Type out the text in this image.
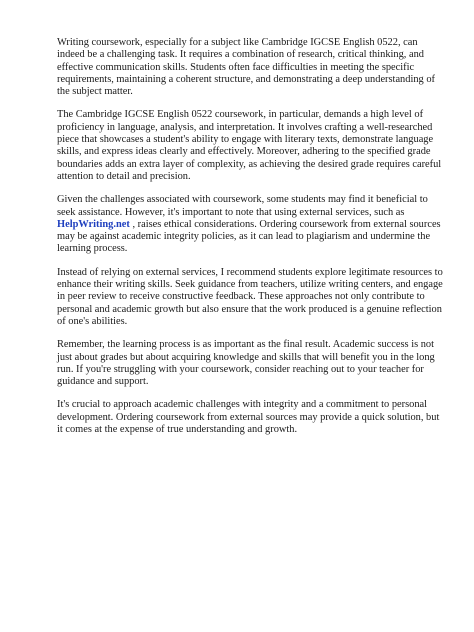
Writing coursework, especially for a subject like Cambridge IGCSE English 0522, can indeed be a challenging task. It requires a combination of research, critical thinking, and effective communication skills. Students often face difficulties in meeting the specific requirements, maintaining a coherent structure, and demonstrating a deep understanding of the subject matter.

The Cambridge IGCSE English 0522 coursework, in particular, demands a high level of proficiency in language, analysis, and interpretation. It involves crafting a well-researched piece that showcases a student's ability to engage with literary texts, demonstrate language skills, and express ideas clearly and effectively. Moreover, adhering to the specified grade boundaries adds an extra layer of complexity, as achieving the desired grade requires careful attention to detail and precision.

Given the challenges associated with coursework, some students may find it beneficial to seek assistance. However, it's important to note that using external services, such as HelpWriting.net , raises ethical considerations. Ordering coursework from external sources may be against academic integrity policies, as it can lead to plagiarism and undermine the learning process.

Instead of relying on external services, I recommend students explore legitimate resources to enhance their writing skills. Seek guidance from teachers, utilize writing centers, and engage in peer review to receive constructive feedback. These approaches not only contribute to personal and academic growth but also ensure that the work produced is a genuine reflection of one's abilities.

Remember, the learning process is as important as the final result. Academic success is not just about grades but about acquiring knowledge and skills that will benefit you in the long run. If you're struggling with your coursework, consider reaching out to your teacher for guidance and support.

It's crucial to approach academic challenges with integrity and a commitment to personal development. Ordering coursework from external sources may provide a quick solution, but it comes at the expense of true understanding and growth.
